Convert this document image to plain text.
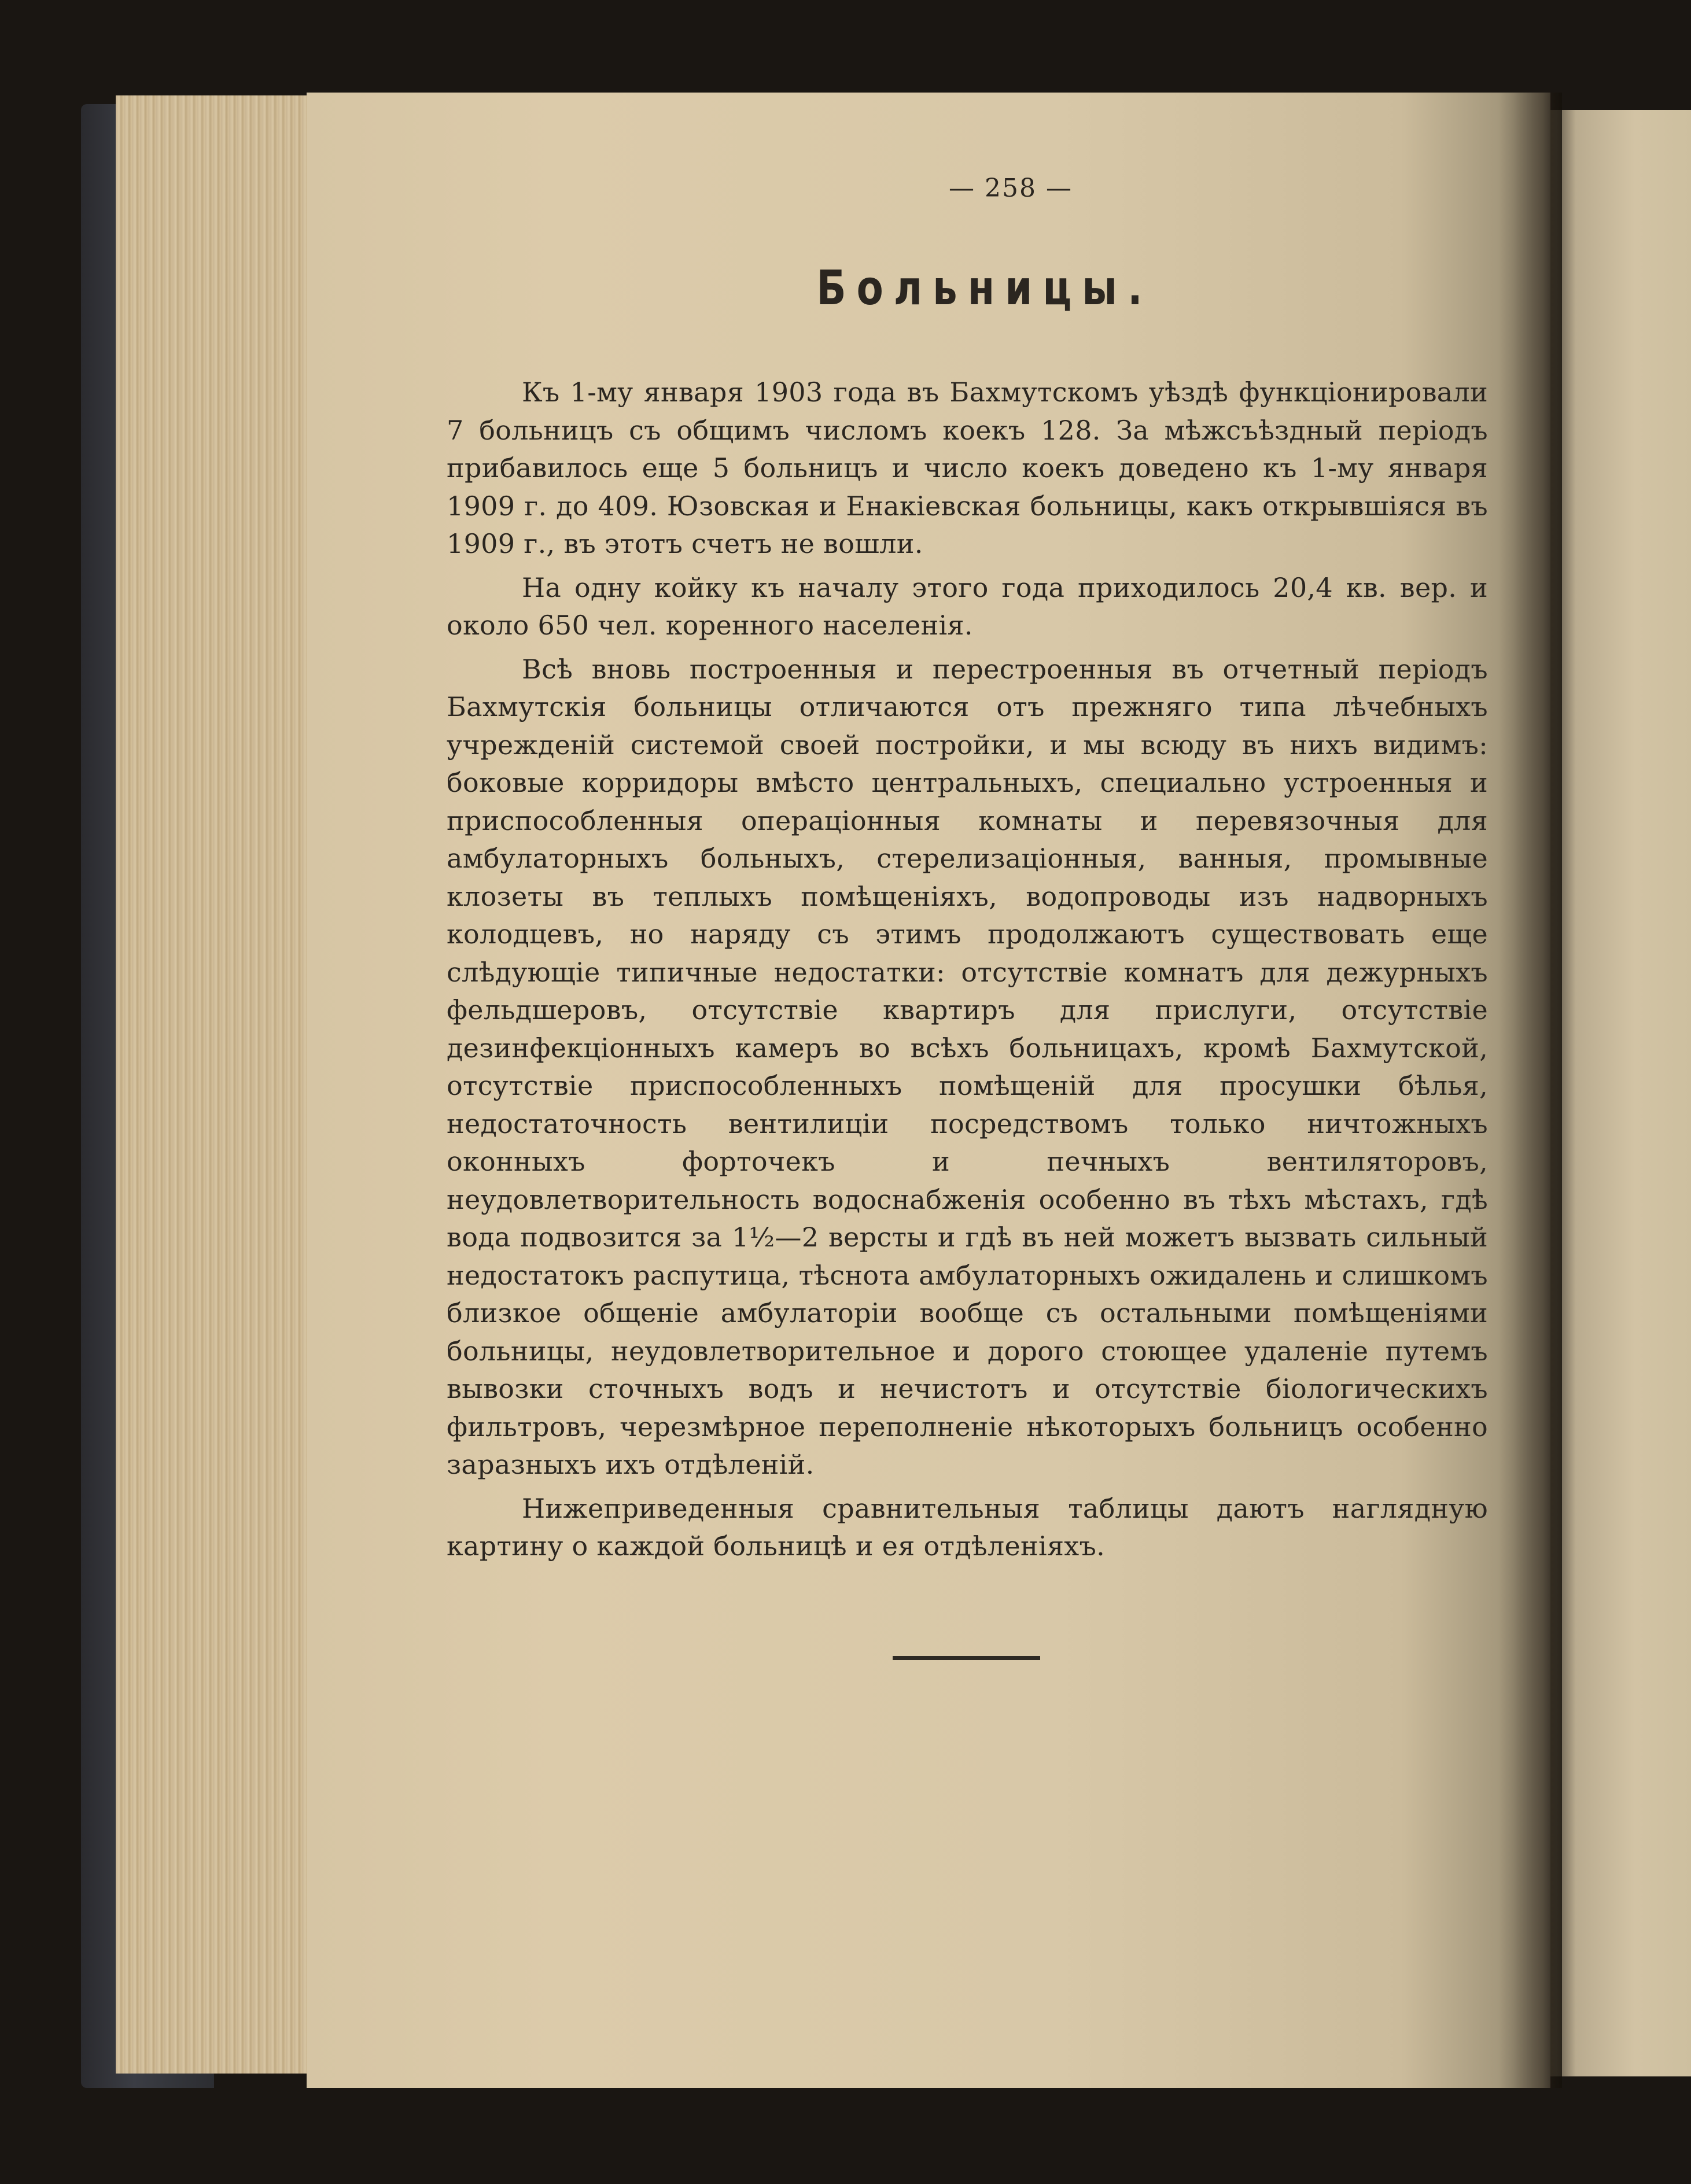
— 258 —
Больницы.

Къ 1-му января 1903 года въ Бахмутскомъ уѣздѣ функціонировали 7 больницъ съ общимъ числомъ коекъ 128. За мѣжсъѣздный періодъ прибавилось еще 5 больницъ и число коекъ доведено къ 1-му января 1909 г. до 409. Юзовская и Енакіевская больницы, какъ открывшіяся въ 1909 г., въ этотъ счетъ не вошли.

На одну койку къ началу этого года приходилось 20,4 кв. вер. и около 650 чел. коренного населенія.

Всѣ вновь построенныя и перестроенныя въ отчетный періодъ Бахмутскія больницы отличаются отъ прежняго типа лѣчебныхъ учрежденій системой своей постройки, и мы всюду въ нихъ видимъ: боковые корридоры вмѣсто центральныхъ, специально устроенныя и приспособленныя операціонныя комнаты и перевязочныя для амбулаторныхъ больныхъ, стерелизаціонныя, ванныя, промывные клозеты въ теплыхъ помѣщеніяхъ, водопроводы изъ надворныхъ колодцевъ, но наряду съ этимъ продолжаютъ существовать еще слѣдующіе типичные недостатки: отсутствіе комнатъ для дежурныхъ фельдшеровъ, отсутствіе квартиръ для прислуги, отсутствіе дезинфекціонныхъ камеръ во всѣхъ больницахъ, кромѣ Бахмутской, отсутствіе приспособленныхъ помѣщеній для просушки бѣлья, недостаточность вентилиціи посредствомъ только ничтожныхъ оконныхъ форточекъ и печныхъ вентиляторовъ, неудовлетворительность водоснабженія особенно въ тѣхъ мѣстахъ, гдѣ вода подвозится за 1½—2 версты и гдѣ въ ней можетъ вызвать сильный недостатокъ распутица, тѣснота амбулаторныхъ ожидалень и слишкомъ близкое общеніе амбулаторіи вообще съ остальными помѣщеніями больницы, неудовлетворительное и дорого стоющее удаленіе путемъ вывозки сточныхъ водъ и нечистотъ и отсутствіе біологическихъ фильтровъ, черезмѣрное переполненіе нѣкоторыхъ больницъ особенно заразныхъ ихъ отдѣленій.

Нижеприведенныя сравнительныя таблицы даютъ наглядную картину о каждой больницѣ и ея отдѣленіяхъ.
